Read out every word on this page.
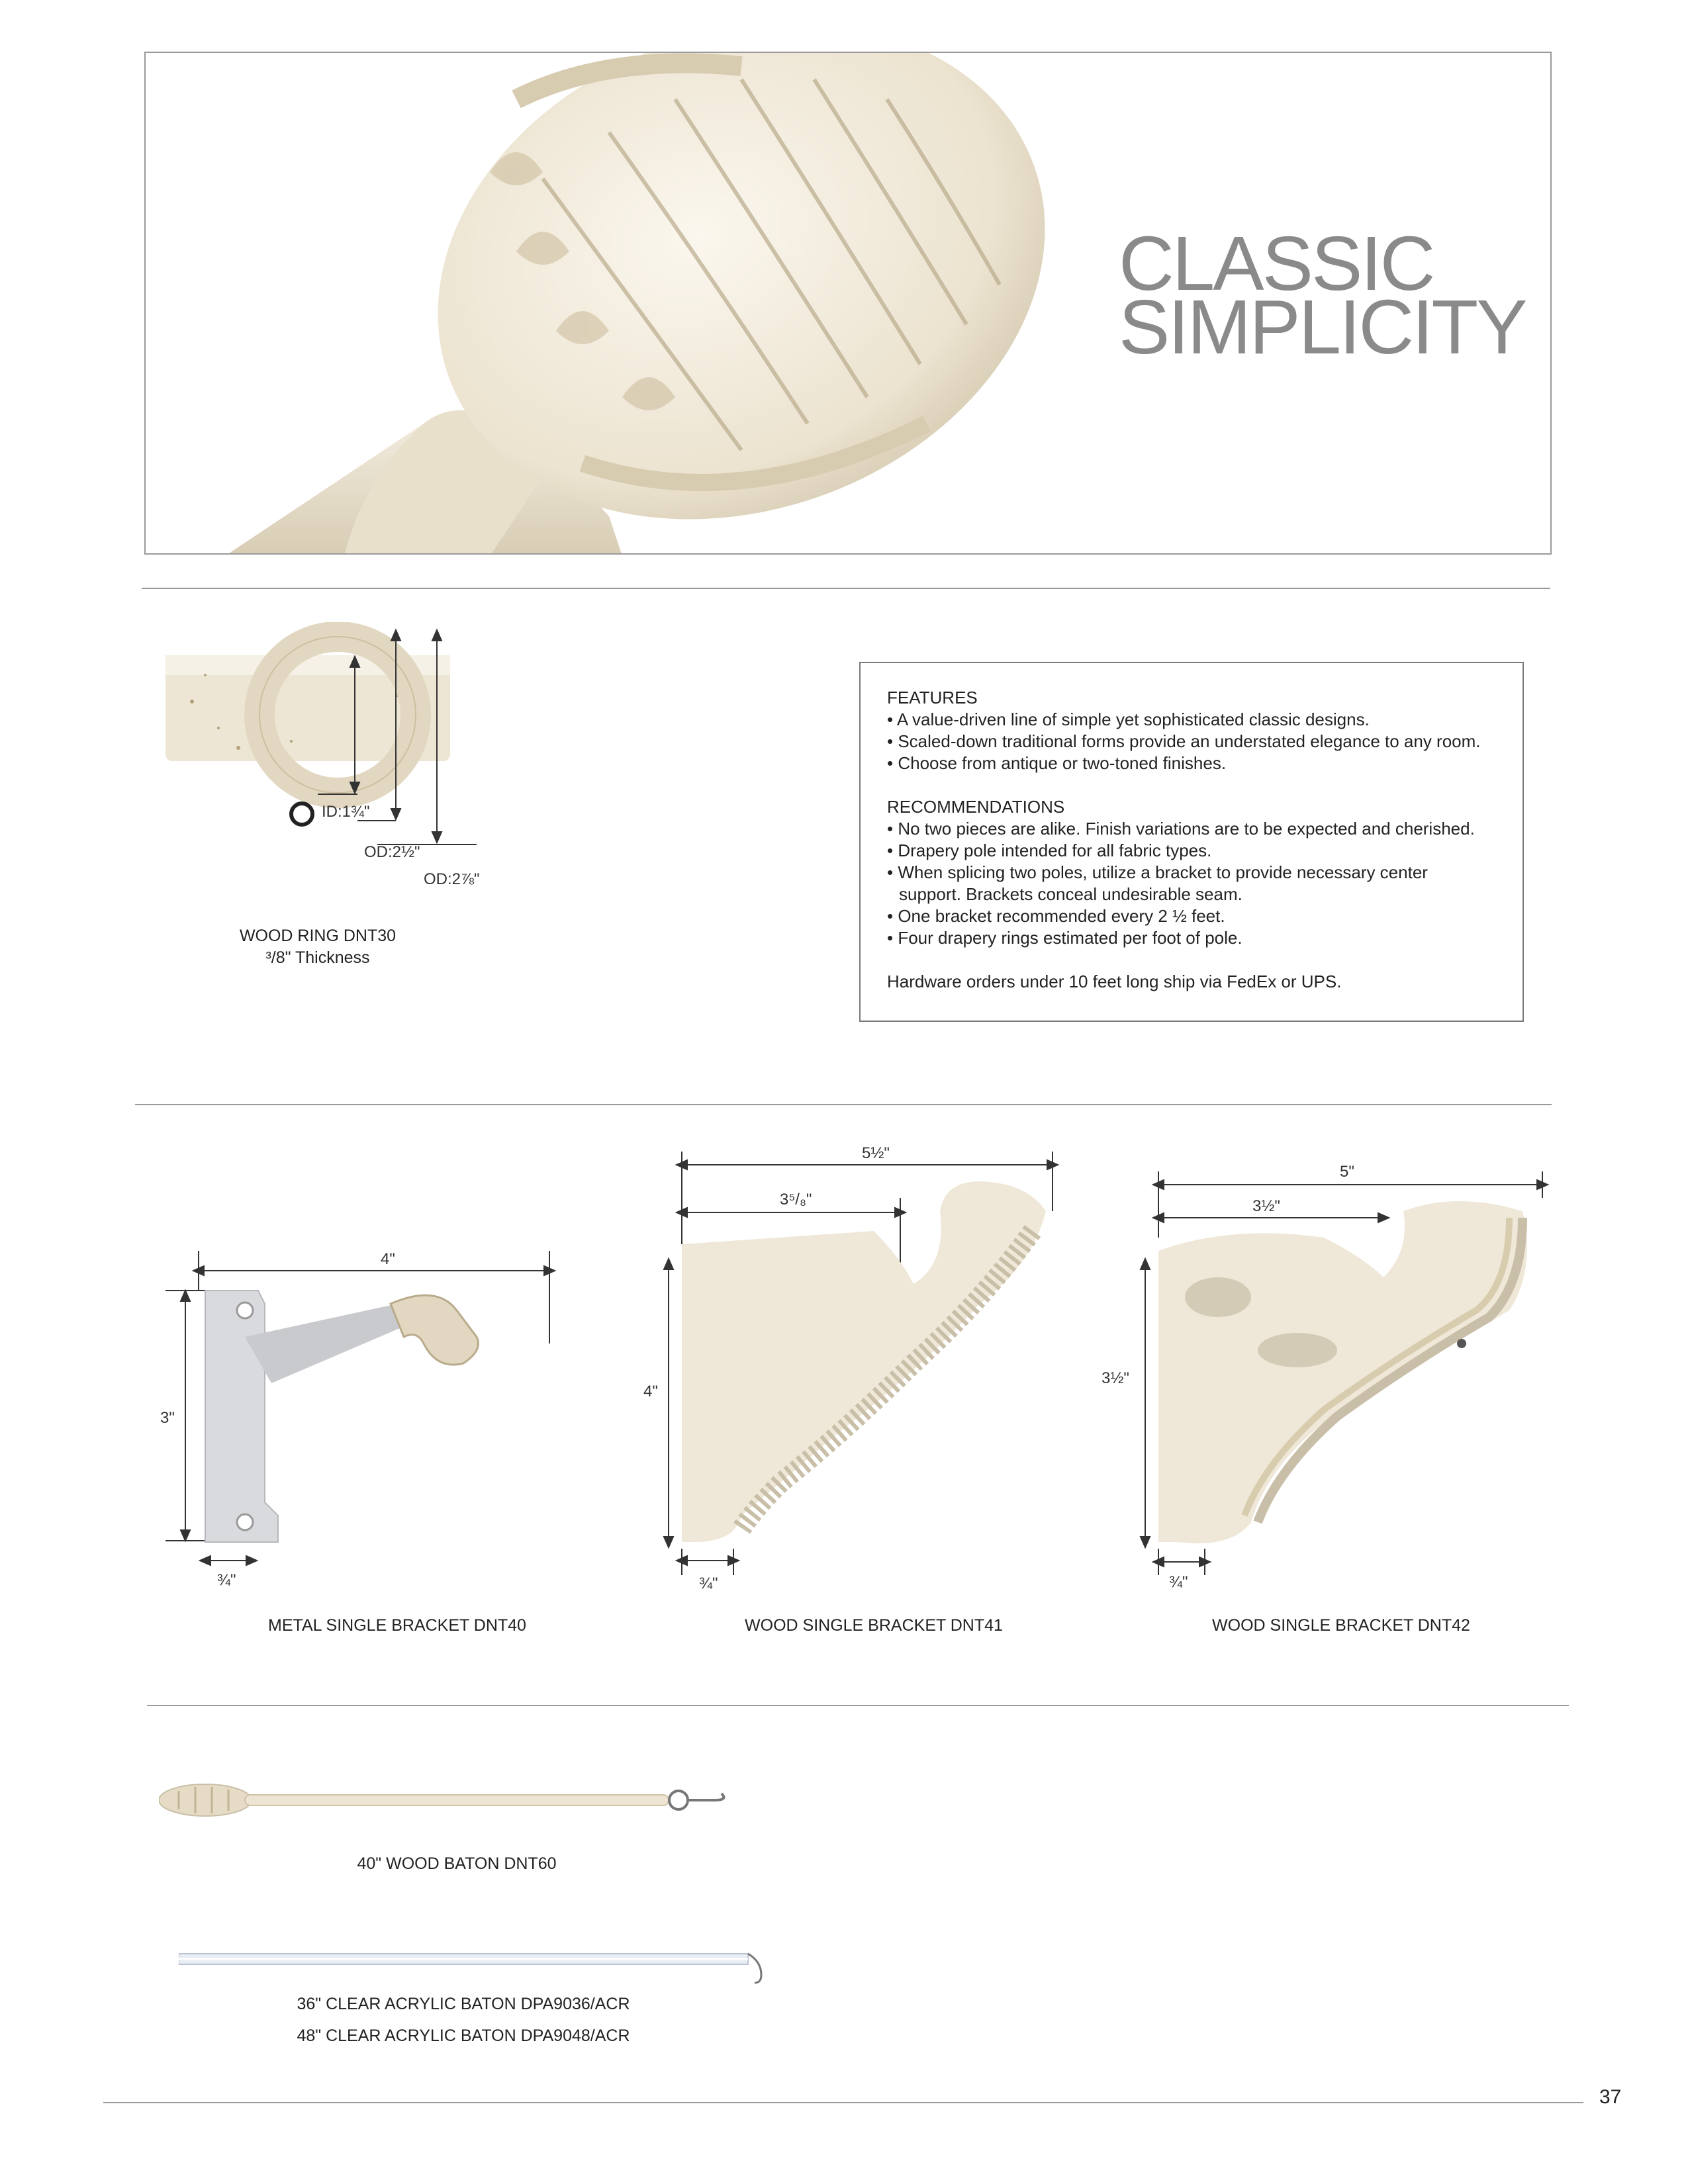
CLASSIC
SIMPLICITY
ID:1¾"
OD:2½"
OD:2⅞"
WOOD RING DNT30
³/8" Thickness

FEATURES

• A value-driven line of simple yet sophisticated classic designs.
• Scaled-down traditional forms provide an understated elegance to any room.
• Choose from antique or two-toned finishes.

RECOMMENDATIONS

• No two pieces are alike. Finish variations are to be expected and cherished.
• Drapery pole intended for all fabric types.
• When splicing two poles, utilize a bracket to provide necessary center support. Brackets conceal undesirable seam.
• One bracket recommended every 2 ½ feet.
• Four drapery rings estimated per foot of pole.

Hardware orders under 10 feet long ship via FedEx or UPS.

4"
3"
¾"
METAL SINGLE BRACKET DNT40
5½"
3⁵/₈"
4"
¾"
WOOD SINGLE BRACKET DNT41
5"
3½"
3½"
¾"
WOOD SINGLE BRACKET DNT42
40" WOOD BATON DNT60
36" CLEAR ACRYLIC BATON DPA9036/ACR
48" CLEAR ACRYLIC BATON DPA9048/ACR
37
